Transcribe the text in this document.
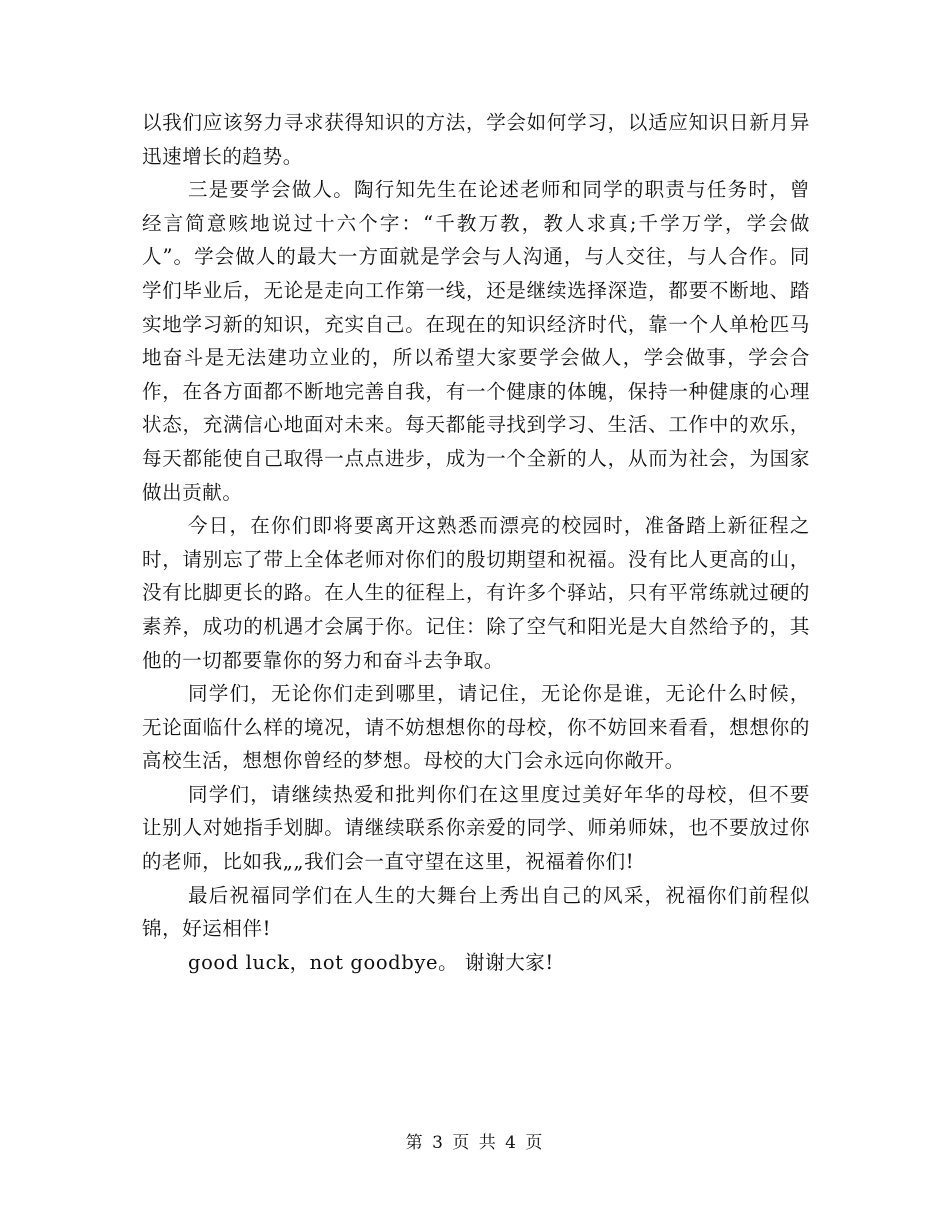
以我们应该努力寻求获得知识的方法，学会如何学习，以适应知识日新月异迅速增长的趋势。

三是要学会做人。陶行知先生在论述老师和同学的职责与任务时，曾经言简意赅地说过十六个字：“千教万教，教人求真;千学万学，学会做人”。学会做人的最大一方面就是学会与人沟通，与人交往，与人合作。同学们毕业后，无论是走向工作第一线，还是继续选择深造，都要不断地、踏实地学习新的知识，充实自己。在现在的知识经济时代，靠一个人单枪匹马地奋斗是无法建功立业的，所以希望大家要学会做人，学会做事，学会合作，在各方面都不断地完善自我，有一个健康的体魄，保持一种健康的心理状态，充满信心地面对未来。每天都能寻找到学习、生活、工作中的欢乐，每天都能使自己取得一点点进步，成为一个全新的人，从而为社会，为国家做出贡献。

今日，在你们即将要离开这熟悉而漂亮的校园时，准备踏上新征程之时，请别忘了带上全体老师对你们的殷切期望和祝福。没有比人更高的山，没有比脚更长的路。在人生的征程上，有许多个驿站，只有平常练就过硬的素养，成功的机遇才会属于你。记住：除了空气和阳光是大自然给予的，其他的一切都要靠你的努力和奋斗去争取。

同学们，无论你们走到哪里，请记住，无论你是谁，无论什么时候，无论面临什么样的境况，请不妨想想你的母校，你不妨回来看看，想想你的高校生活，想想你曾经的梦想。母校的大门会永远向你敞开。

同学们，请继续热爱和批判你们在这里度过美好年华的母校，但不要让别人对她指手划脚。请继续联系你亲爱的同学、师弟师妹，也不要放过你的老师，比如我„„我们会一直守望在这里，祝福着你们!

最后祝福同学们在人生的大舞台上秀出自己的风采，祝福你们前程似锦，好运相伴!

good luck，not goodbye。 谢谢大家!

第 3 页 共 4 页
